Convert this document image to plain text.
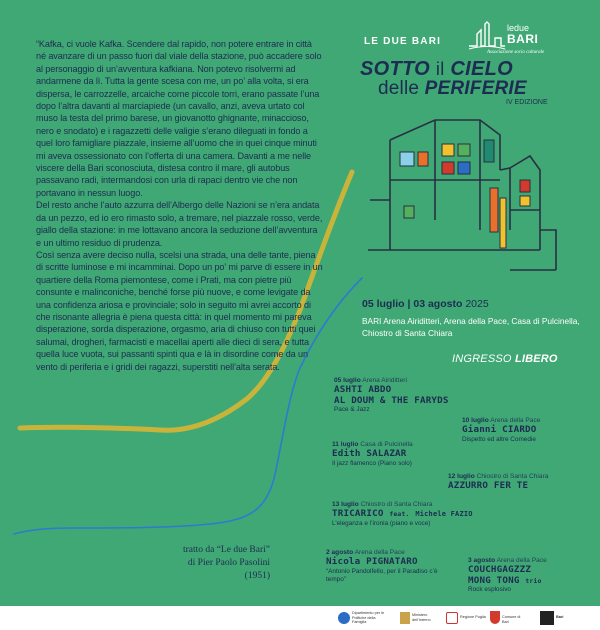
“Kafka, ci vuole Kafka. Scendere dal rapido, non potere entrare in città né avanzare di un passo fuori dal viale della stazione, può accadere solo al personaggio di un’avventura kafkiana. Non potevo risolvermi ad andarmene da lì. Tutta la gente scesa con me, un po’ alla volta, si era dispersa, le carrozzelle, arcaiche come piccole torri, erano passate l’una dopo l’altra davanti al marciapiede (un cavallo, anzi, aveva urtato col muso la testa del primo barese, un giovanotto ghignante, minaccioso, nero e snodato) e i ragazzetti delle valigie s’erano dileguati in fondo a quel loro famigliare piazzale, insieme all’uomo che in quei cinque minuti mi aveva ossessionato con l’offerta di una camera. Davanti a me nelle viscere della Bari sconosciuta, distesa contro il mare, gli autobus passavano radi, intermandosi con urla di rapaci dentro vie che non portavano in nessun luogo.

Del resto anche l’auto azzurra dell’Albergo delle Nazioni se n’era andata da un pezzo, ed io ero rimasto solo, a tremare, nel piazzale rosso, verde, giallo della stazione: in me lottavano ancora la seduzione dell’avventura e un ultimo residuo di prudenza.

Così senza avere deciso nulla, scelsi una strada, una delle tante, piena di scritte luminose e mi incamminai. Dopo un po’ mi parve di essere in un quartiere della Roma piemontese, come i Prati, ma con pietre più consunte e malinconiche, benché forse più nuove, e come levigate da una confidenza ariosa e provinciale; solo in seguito mi avrei accorto di che risonante allegria è piena questa città: in quel momento mi pareva disperazione, sorda disperazione, orgasmo, aria di chiuso con tutti quei salumai, drogheri, farmacisti e macellai aperti alle dieci di sera, e tutta quella luce vuota, sui passanti spinti qua e là in disordine come da un vento di periferia e i gridi dei ragazzi, superstiti nell’alta serata.

tratto da “Le due Bari”
di Pier Paolo Pasolini
(1951)
LE DUE BARI
ledue
BARI
Associazione socio culturale
SOTTO il CIELO
delle PERIFERIE
IV EDIZIONE
05 luglio | 03 agosto 2025
BARI Arena Airiditteri, Arena della Pace, Casa di Pulcinella, Chiostro di Santa Chiara
INGRESSO LIBERO
05 luglio Arena Airiditteri
ASHTI ABDO
AL DOUM & THE FARYDS
Pace & Jazz
10 luglio Arena della Pace
Gianni CIARDO
Dispetto ed altre Comedie
11 luglio Casa di Pulcinella
Edith SALAZAR
Il jazz flamenco (Piano solo)
12 luglio Chiostro di Santa Chiara
AZZURRO FER TE
13 luglio Chiostro di Santa Chiara
TRICARICO feat. Michele FAZIO
L’eleganza e l’ironia (piano e voce)
2 agosto Arena della Pace
Nicola PIGNATARO
“Antonio Pandolfello, per il Paradiso c’è tempo”
3 agosto Arena della Pace
COUCHGAGZZZ
MONG TONG trio
Rock esplosivo
Dipartimento per le Politiche della Famiglia
Ministero dell’Interno
Regione Puglia	Comune di Bari
Bari
